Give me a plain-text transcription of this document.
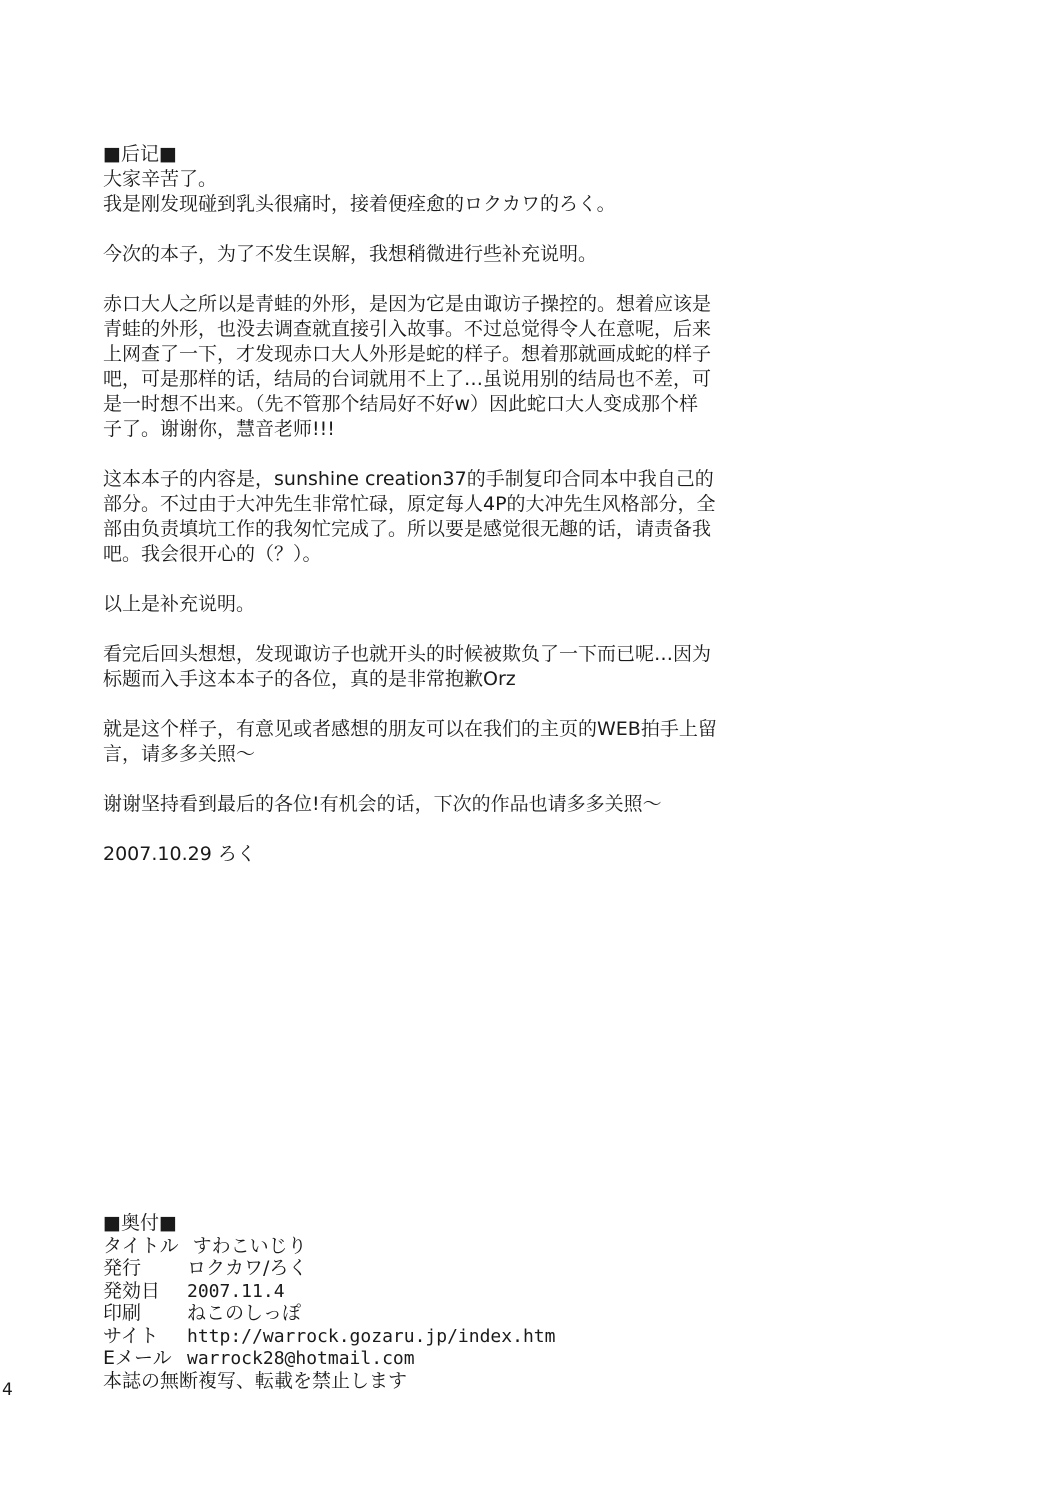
■后记■
大家辛苦了。
我是刚发现碰到乳头很痛时，接着便痊愈的ロクカワ的ろく。
今次的本子，为了不发生误解，我想稍微进行些补充说明。
赤口大人之所以是青蛙的外形，是因为它是由诹访子操控的。想着应该是
青蛙的外形，也没去调查就直接引入故事。不过总觉得令人在意呢，后来
上网查了一下，才发现赤口大人外形是蛇的样子。想着那就画成蛇的样子
吧，可是那样的话，结局的台词就用不上了…虽说用别的结局也不差，可
是一时想不出来。（先不管那个结局好不好w）因此蛇口大人变成那个样
子了。谢谢你，慧音老师!!!
这本本子的内容是，sunshine creation37的手制复印合同本中我自己的
部分。不过由于大冲先生非常忙碌，原定每人4P的大冲先生风格部分，全
部由负责填坑工作的我匆忙完成了。所以要是感觉很无趣的话，请责备我
吧。我会很开心的（？）。
以上是补充说明。
看完后回头想想，发现诹访子也就开头的时候被欺负了一下而已呢…因为
标题而入手这本本子的各位，真的是非常抱歉Orz
就是这个样子，有意见或者感想的朋友可以在我们的主页的WEB拍手上留
言，请多多关照～
谢谢坚持看到最后的各位!有机会的话，下次的作品也请多多关照～
2007.10.29 ろく
■奥付■
タイトル すわこいじり
発行 ロクカワ/ろく
発効日 2007.11.4
印刷 ねこのしっぽ
サイト http://warrock.gozaru.jp/index.htm
Eメール warrock28@hotmail.com
本誌の無断複写、転載を禁止します
4
